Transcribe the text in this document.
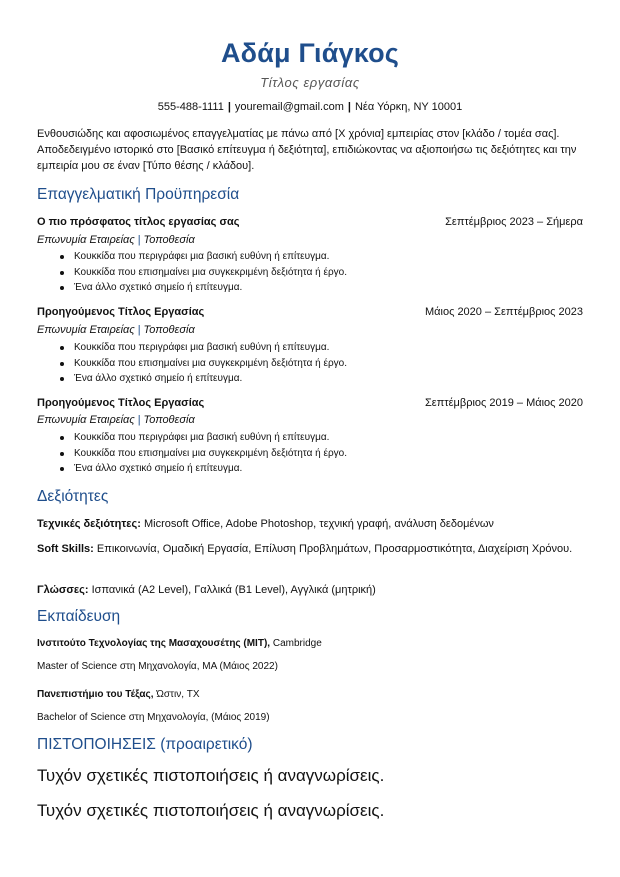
Αδάμ Γιάγκος
Τίτλος εργασίας
555-488-1111 | youremail@gmail.com | Νέα Υόρκη, NY 10001
Ενθουσιώδης και αφοσιωμένος επαγγελματίας με πάνω από [Χ χρόνια] εμπειρίας στον [κλάδο / τομέα σας]. Αποδεδειγμένο ιστορικό στο [Βασικό επίτευγμα ή δεξιότητα], επιδιώκοντας να αξιοποιήσω τις δεξιότητες και την εμπειρία μου σε έναν [Τύπο θέσης / κλάδου].
Επαγγελματική Προϋπηρεσία
Ο πιο πρόσφατος τίτλος εργασίας σας	Σεπτέμβριος 2023 – Σήμερα
Επωνυμία Εταιρείας | Τοποθεσία
Κουκκίδα που περιγράφει μια βασική ευθύνη ή επίτευγμα.
Κουκκίδα που επισημαίνει μια συγκεκριμένη δεξιότητα ή έργο.
Ένα άλλο σχετικό σημείο ή επίτευγμα.
Προηγούμενος Τίτλος Εργασίας	Μάιος 2020 – Σεπτέμβριος 2023
Επωνυμία Εταιρείας | Τοποθεσία
Κουκκίδα που περιγράφει μια βασική ευθύνη ή επίτευγμα.
Κουκκίδα που επισημαίνει μια συγκεκριμένη δεξιότητα ή έργο.
Ένα άλλο σχετικό σημείο ή επίτευγμα.
Προηγούμενος Τίτλος Εργασίας	Σεπτέμβριος 2019 – Μάιος 2020
Επωνυμία Εταιρείας | Τοποθεσία
Κουκκίδα που περιγράφει μια βασική ευθύνη ή επίτευγμα.
Κουκκίδα που επισημαίνει μια συγκεκριμένη δεξιότητα ή έργο.
Ένα άλλο σχετικό σημείο ή επίτευγμα.
Δεξιότητες
Τεχνικές δεξιότητες: Microsoft Office, Adobe Photoshop, τεχνική γραφή, ανάλυση δεδομένων
Soft Skills: Επικοινωνία, Ομαδική Εργασία, Επίλυση Προβλημάτων, Προσαρμοστικότητα, Διαχείριση Χρόνου.
Γλώσσες: Ισπανικά (A2 Level), Γαλλικά (B1 Level), Αγγλικά (μητρική)
Εκπαίδευση
Ινστιτούτο Τεχνολογίας της Μασαχουσέτης (MIT), Cambridge
Master of Science στη Μηχανολογία, MA (Μάιος 2022)
Πανεπιστήμιο του Τέξας, Ώστιν, TX
Bachelor of Science στη Μηχανολογία, (Μάιος 2019)
ΠΙΣΤΟΠΟΙΗΣΕΙΣ (προαιρετικό)
Τυχόν σχετικές πιστοποιήσεις ή αναγνωρίσεις.
Τυχόν σχετικές πιστοποιήσεις ή αναγνωρίσεις.
